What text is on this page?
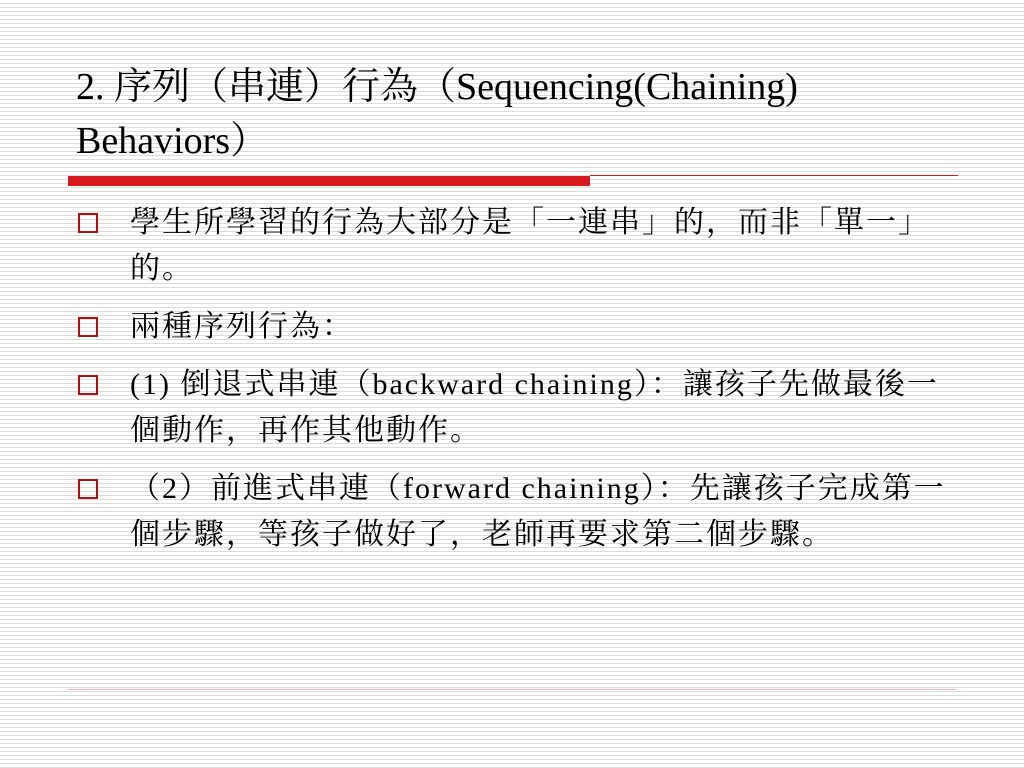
2. 序列（串連）行為（Sequencing(Chaining) Behaviors）
學生所學習的行為大部分是「一連串」的，而非「單一」的。
兩種序列行為：
(1) 倒退式串連（backward chaining）：讓孩子先做最後一個動作，再作其他動作。
（2）前進式串連（forward chaining）：先讓孩子完成第一個步驟，等孩子做好了，老師再要求第二個步驟。
